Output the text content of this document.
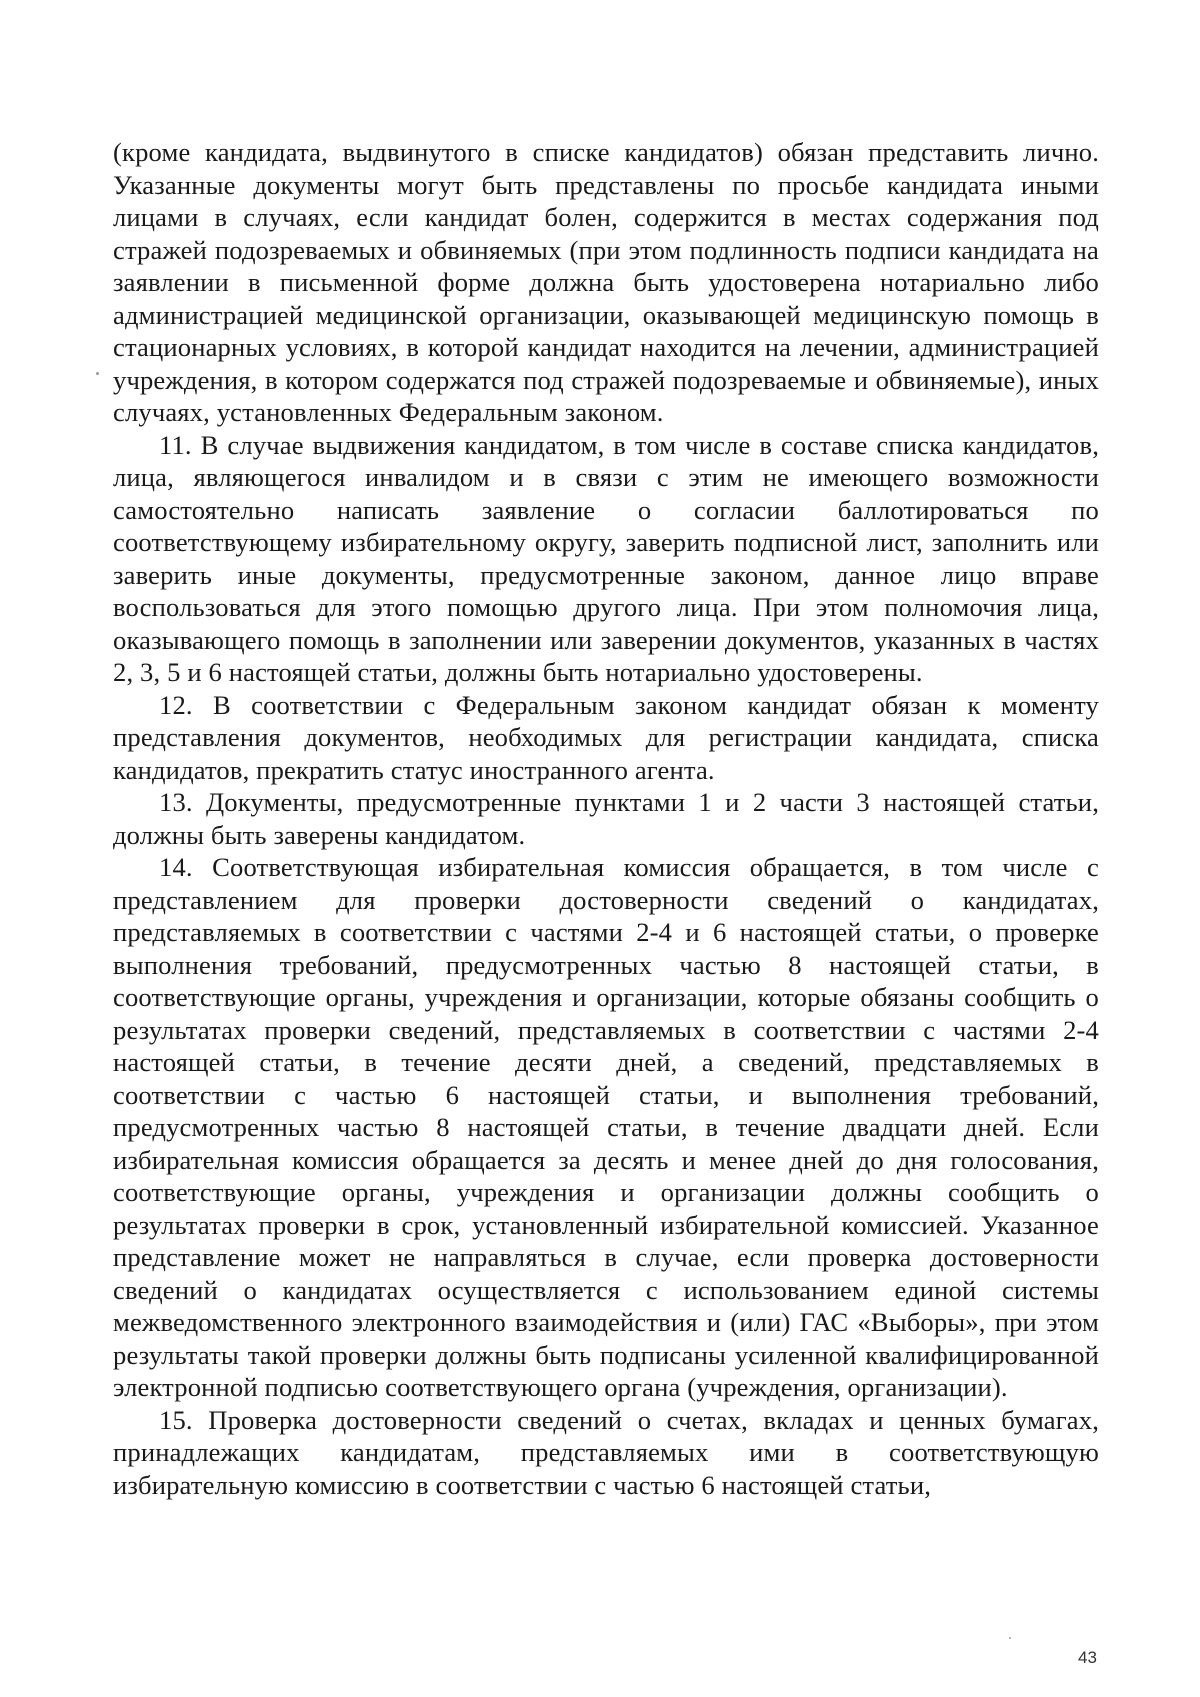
(кроме кандидата, выдвинутого в списке кандидатов) обязан представить лично. Указанные документы могут быть представлены по просьбе кандидата иными лицами в случаях, если кандидат болен, содержится в местах содержания под стражей подозреваемых и обвиняемых (при этом подлинность подписи кандидата на заявлении в письменной форме должна быть удостоверена нотариально либо администрацией медицинской организации, оказывающей медицинскую помощь в стационарных условиях, в которой кандидат находится на лечении, администрацией учреждения, в котором содержатся под стражей подозреваемые и обвиняемые), иных случаях, установленных Федеральным законом.

11. В случае выдвижения кандидатом, в том числе в составе списка кандидатов, лица, являющегося инвалидом и в связи с этим не имеющего возможности самостоятельно написать заявление о согласии баллотироваться по соответствующему избирательному округу, заверить подписной лист, заполнить или заверить иные документы, предусмотренные законом, данное лицо вправе воспользоваться для этого помощью другого лица. При этом полномочия лица, оказывающего помощь в заполнении или заверении документов, указанных в частях 2, 3, 5 и 6 настоящей статьи, должны быть нотариально удостоверены.

12. В соответствии с Федеральным законом кандидат обязан к моменту представления документов, необходимых для регистрации кандидата, списка кандидатов, прекратить статус иностранного агента.

13. Документы, предусмотренные пунктами 1 и 2 части 3 настоящей статьи, должны быть заверены кандидатом.

14. Соответствующая избирательная комиссия обращается, в том числе с представлением для проверки достоверности сведений о кандидатах, представляемых в соответствии с частями 2-4 и 6 настоящей статьи, о проверке выполнения требований, предусмотренных частью 8 настоящей статьи, в соответствующие органы, учреждения и организации, которые обязаны сообщить о результатах проверки сведений, представляемых в соответствии с частями 2-4 настоящей статьи, в течение десяти дней, а сведений, представляемых в соответствии с частью 6 настоящей статьи, и выполнения требований, предусмотренных частью 8 настоящей статьи, в течение двадцати дней. Если избирательная комиссия обращается за десять и менее дней до дня голосования, соответствующие органы, учреждения и организации должны сообщить о результатах проверки в срок, установленный избирательной комиссией. Указанное представление может не направляться в случае, если проверка достоверности сведений о кандидатах осуществляется с использованием единой системы межведомственного электронного взаимодействия и (или) ГАС «Выборы», при этом результаты такой проверки должны быть подписаны усиленной квалифицированной электронной подписью соответствующего органа (учреждения, организации).

15. Проверка достоверности сведений о счетах, вкладах и ценных бумагах, принадлежащих кандидатам, представляемых ими в соответствующую избирательную комиссию в соответствии с частью 6 настоящей статьи,

43
